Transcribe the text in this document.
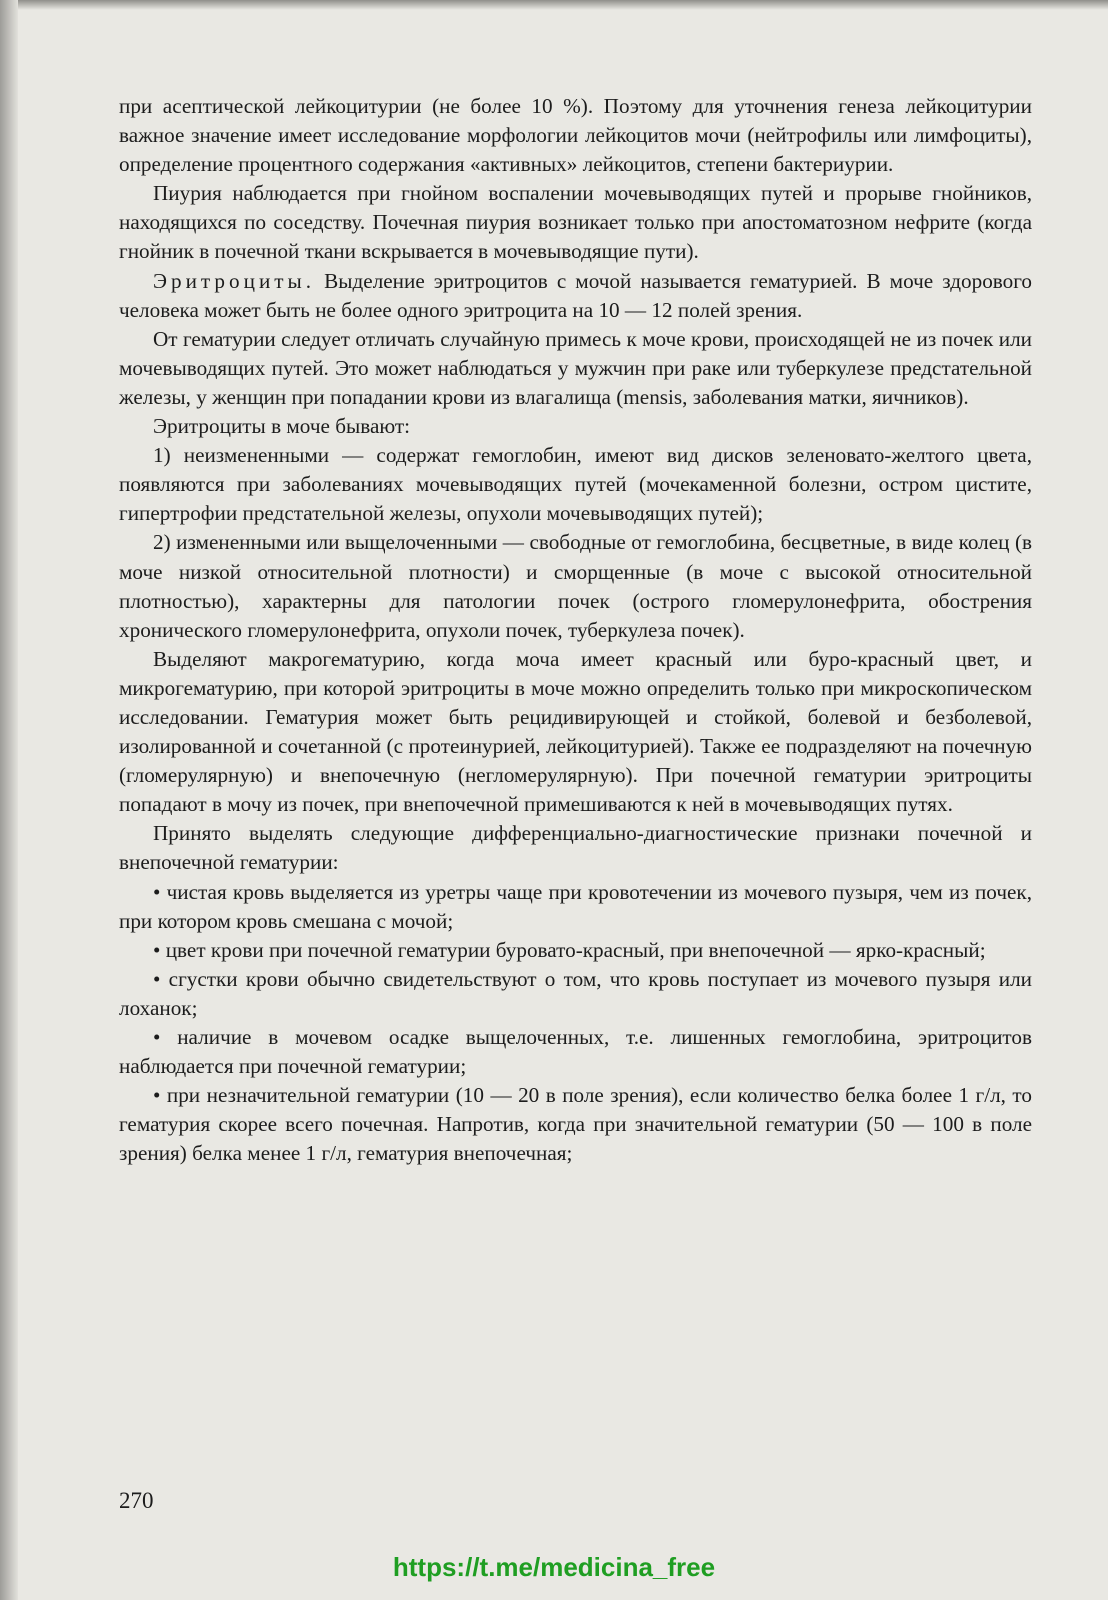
при асептической лейкоцитурии (не более 10 %). Поэтому для уточнения генеза лейкоцитурии важное значение имеет исследование морфологии лейкоцитов мочи (нейтрофилы или лимфоциты), определение процентного содержания «активных» лейкоцитов, степени бактериурии.

Пиурия наблюдается при гнойном воспалении мочевыводящих путей и прорыве гнойников, находящихся по соседству. Почечная пиурия возникает только при апостоматозном нефрите (когда гнойник в почечной ткани вскрывается в мочевыводящие пути).

Эритроциты. Выделение эритроцитов с мочой называется гематурией. В моче здорового человека может быть не более одного эритроцита на 10 — 12 полей зрения.

От гематурии следует отличать случайную примесь к моче крови, происходящей не из почек или мочевыводящих путей. Это может наблюдаться у мужчин при раке или туберкулезе предстательной железы, у женщин при попадании крови из влагалища (mensis, заболевания матки, яичников).

Эритроциты в моче бывают:

1) неизмененными — содержат гемоглобин, имеют вид дисков зеленовато-желтого цвета, появляются при заболеваниях мочевыводящих путей (мочекаменной болезни, остром цистите, гипертрофии предстательной железы, опухоли мочевыводящих путей);

2) измененными или выщелоченными — свободные от гемоглобина, бесцветные, в виде колец (в моче низкой относительной плотности) и сморщенные (в моче с высокой относительной плотностью), характерны для патологии почек (острого гломерулонефрита, обострения хронического гломерулонефрита, опухоли почек, туберкулеза почек).

Выделяют макрогематурию, когда моча имеет красный или буро-красный цвет, и микрогематурию, при которой эритроциты в моче можно определить только при микроскопическом исследовании. Гематурия может быть рецидивирующей и стойкой, болевой и безболевой, изолированной и сочетанной (с протеинурией, лейкоцитурией). Также ее подразделяют на почечную (гломерулярную) и внепочечную (негломерулярную). При почечной гематурии эритроциты попадают в мочу из почек, при внепочечной примешиваются к ней в мочевыводящих путях.

Принято выделять следующие дифференциально-диагностические признаки почечной и внепочечной гематурии:

• чистая кровь выделяется из уретры чаще при кровотечении из мочевого пузыря, чем из почек, при котором кровь смешана с мочой;

• цвет крови при почечной гематурии буровато-красный, при внепочечной — ярко-красный;

• сгустки крови обычно свидетельствуют о том, что кровь поступает из мочевого пузыря или лоханок;

• наличие в мочевом осадке выщелоченных, т.е. лишенных гемоглобина, эритроцитов наблюдается при почечной гематурии;

• при незначительной гематурии (10 — 20 в поле зрения), если количество белка более 1 г/л, то гематурия скорее всего почечная. Напротив, когда при значительной гематурии (50 — 100 в поле зрения) белка менее 1 г/л, гематурия внепочечная;

270
https://t.me/medicina_free
